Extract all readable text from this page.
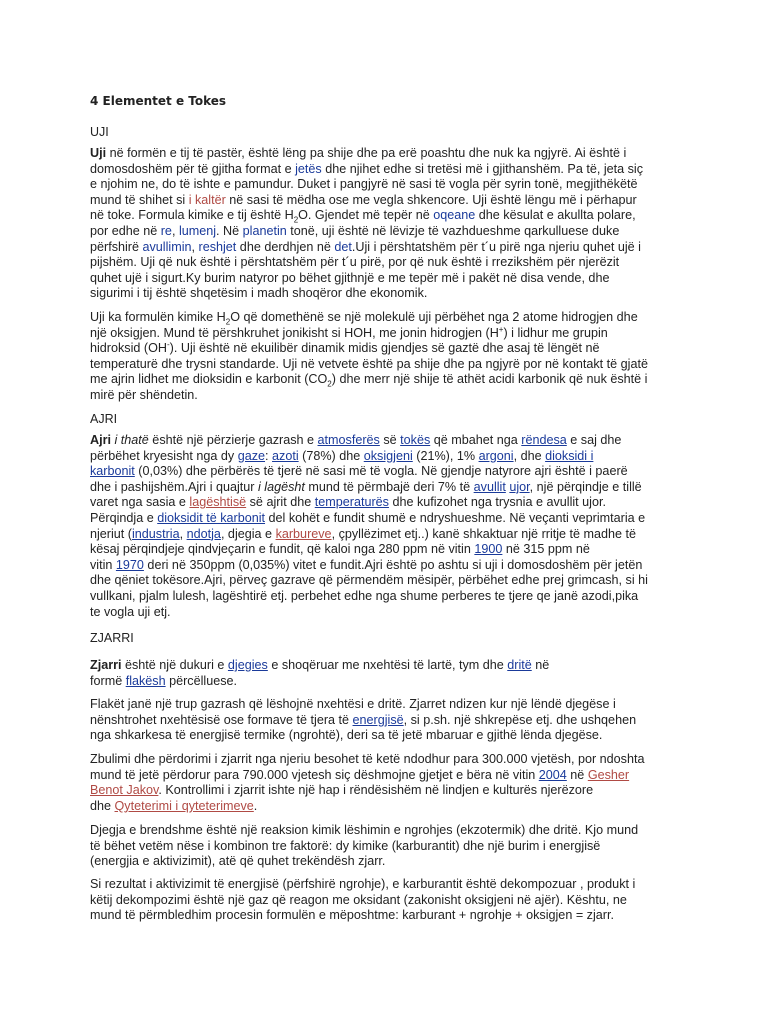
4 Elementet e Tokes
UJI
Uji në formën e tij të pastër, është lëng pa shije dhe pa erë poashtu dhe nuk ka ngjyrë. Ai është i
domosdoshëm për të gjitha format e jetës dhe njihet edhe si tretësi më i gjithanshëm. Pa të, jeta siç
e njohim ne, do të ishte e pamundur. Duket i pangjyrë në sasi të vogla për syrin tonë, megjithëkëtë
mund të shihet si i kaltër në sasi të mëdha ose me vegla shkencore. Uji është lëngu më i përhapur
në toke. Formula kimike e tij është $H_2O$. Gjendet më tepër në oqeane dhe kësulat e akullta polare,
por edhe në re, lumenj. Në planetin tonë, uji është në lëvizje të vazhdueshme qarkulluese duke
përfshirë avullimin, reshjet dhe derdhjen në det.Uji i përshtatshëm për t´u pirë nga njeriu quhet ujë i
pijshëm. Uji që nuk është i përshtatshëm për t´u pirë, por që nuk është i rrezikshëm për njerëzit
quhet ujë i sigurt.Ky burim natyror po bëhet gjithnjë e me tepër më i pakët në disa vende, dhe
sigurimi i tij është shqetësim i madh shoqëror dhe ekonomik.
Uji ka formulën kimike $H_2O$ që domethënë se një molekulë uji përbëhet nga 2 atome hidrogjen dhe
një oksigjen. Mund të përshkruhet jonikisht si HOH, me jonin hidrogjen (H+) i lidhur me grupin
hidroksid (OH-). Uji është në ekuilibër dinamik midis gjendjes së gaztë dhe asaj të lëngët në
temperaturë dhe trysni standarde. Uji në vetvete është pa shije dhe pa ngjyrë por në kontakt të gjatë
me ajrin lidhet me dioksidin e karbonit $(CO_2)$ dhe merr një shije të athët acidi karbonik që nuk është i
mirë për shëndetin.
AJRI
Ajri i thatë është një përzierje gazrash e atmosferës së tokës që mbahet nga rëndesa e saj dhe
përbëhet kryesisht nga dy gaze: azoti (78%) dhe oksigjeni (21%), 1% argoni, dhe dioksidi i
karbonit (0,03%) dhe përbërës të tjerë në sasi më të vogla. Në gjendje natyrore ajri është i paerë
dhe i pashijshëm.Ajri i quajtur i lagësht mund të përmbajë deri 7% të avullit ujor, një përqindje e tillë
varet nga sasia e lagështisë së ajrit dhe temperaturës dhe kufizohet nga trysnia e avullit ujor.
Përqindja e dioksidit të karbonit del kohët e fundit shumë e ndryshueshme. Në veçanti veprimtaria e
njeriut (industria, ndotja, djegia e karbureve, çpyllëzimet etj..) kanë shkaktuar një rritje të madhe të
kësaj përqindjeje qindvjeçarin e fundit, që kaloi nga 280 ppm në vitin 1900 në 315 ppm në
vitin 1970 deri në 350ppm (0,035%) vitet e fundit.Ajri është po ashtu si uji i domosdoshëm për jetën
dhe qëniet tokësore.Ajri, përveç gazrave që përmendëm mësipër, përbëhet edhe prej grimcash, si hi
vullkani, pjalm lulesh, lagështirë etj. perbehet edhe nga shume perberes te tjere qe janë azodi,pika
te vogla uji etj.
ZJARRI
Zjarri është një dukuri e djegies e shoqëruar me nxehtësi të lartë, tym dhe dritë në
formë flakësh përcëlluese.
Flakët janë një trup gazrash që lëshojnë nxehtësi e dritë. Zjarret ndizen kur një lëndë djegëse i
nënshtrohet nxehtësisë ose formave të tjera të energjisë, si p.sh. një shkrepëse etj. dhe ushqehen
nga shkarkesa të energjisë termike (ngrohtë), deri sa të jetë mbaruar e gjithë lënda djegëse.
Zbulimi dhe përdorimi i zjarrit nga njeriu besohet të ketë ndodhur para 300.000 vjetësh, por ndoshta
mund të jetë përdorur para 790.000 vjetesh siç dëshmojne gjetjet e bëra në vitin 2004 në Gesher
Benot Jakov. Kontrollimi i zjarrit ishte një hap i rëndësishëm në lindjen e kulturës njerëzore
dhe Qyteterimi i qyteterimeve.
Djegja e brendshme është një reaksion kimik lëshimin e ngrohjes (ekzotermik) dhe dritë. Kjo mund
të bëhet vetëm nëse i kombinon tre faktorë: dy kimike (karburantit) dhe një burim i energjisë
(energjia e aktivizimit), atë që quhet trekëndësh zjarr.
Si rezultat i aktivizimit të energjisë (përfshirë ngrohje), e karburantit është dekompozuar , produkt i
këtij dekompozimi është një gaz që reagon me oksidant (zakonisht oksigjeni në ajër). Kështu, ne
mund të përmbledhim procesin formulën e mëposhtme: karburant + ngrohje + oksigjen = zjarr.
